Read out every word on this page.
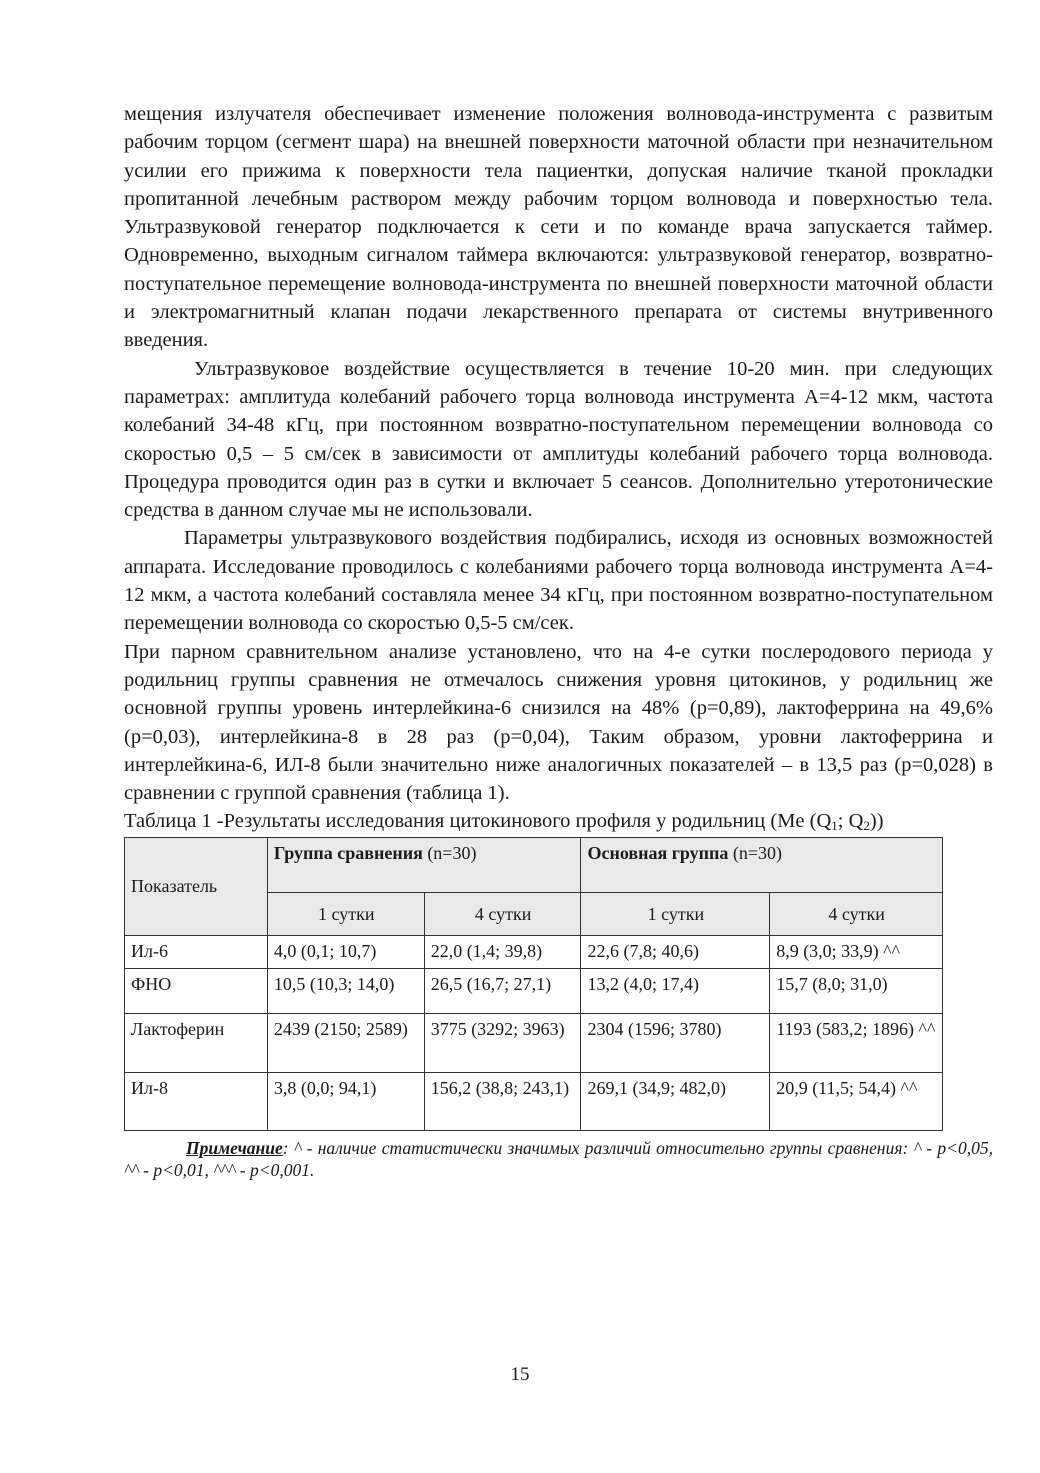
мещения излучателя обеспечивает изменение положения волновода-инструмента с развитым рабочим торцом (сегмент шара) на внешней поверхности маточной области при незначительном усилии его прижима к поверхности тела пациентки, допуская наличие тканой прокладки пропитанной лечебным раствором между рабочим торцом волновода и поверхностью тела. Ультразвуковой генератор подключается к сети и по команде врача запускается таймер. Одновременно, выходным сигналом таймера включаются: ультразвуковой генератор, возвратно-поступательное перемещение волновода-инструмента по внешней поверхности маточной области и электромагнитный клапан подачи лекарственного препарата от системы внутривенного введения.

Ультразвуковое воздействие осуществляется в течение 10-20 мин. при следующих параметрах: амплитуда колебаний рабочего торца волновода инструмента A=4-12 мкм, частота колебаний 34-48 кГц, при постоянном возвратно-поступательном перемещении волновода со скоростью 0,5 – 5 см/сек в зависимости от амплитуды колебаний рабочего торца волновода. Процедура проводится один раз в сутки и включает 5 сеансов. Дополнительно утеротонические средства в данном случае мы не использовали.

Параметры ультразвукового воздействия подбирались, исходя из основных возможностей аппарата. Исследование проводилось с колебаниями рабочего торца волновода инструмента A=4-12 мкм, а частота колебаний составляла менее 34 кГц, при постоянном возвратно-поступательном перемещении волновода со скоростью 0,5-5 см/сек.

При парном сравнительном анализе установлено, что на 4-е сутки послеродового периода у родильниц группы сравнения не отмечалось снижения уровня цитокинов, у родильниц же основной группы уровень интерлейкина-6 снизился на 48% (p=0,89), лактоферрина на 49,6% (p=0,03), интерлейкина-8 в 28 раз (p=0,04), Таким образом, уровни лактоферрина и интерлейкина-6, ИЛ-8 были значительно ниже аналогичных показателей – в 13,5 раз (p=0,028) в сравнении с группой сравнения (таблица 1).

Таблица 1 -Результаты исследования цитокинового профиля у родильниц (Me ($Q_1$; $Q_2$))

Показатель	Группа сравнения (n=30)		Основная группа (n=30)	
	1 сутки	4 сутки	1 сутки	4 сутки
Ил-6	4,0 (0,1; 10,7)	22,0 (1,4; 39,8)	22,6 (7,8; 40,6)	8,9 (3,0; 33,9) ^^
ФНО	10,5 (10,3; 14,0)	26,5 (16,7; 27,1)	13,2 (4,0; 17,4)	15,7 (8,0; 31,0)
Лактоферин	2439 (2150; 2589)	3775 (3292; 3963)	2304 (1596; 3780)	1193 (583,2; 1896) ^^
Ил-8	3,8 (0,0; 94,1)	156,2 (38,8; 243,1)	269,1 (34,9; 482,0)	20,9 (11,5; 54,4) ^^

Примечание: ^ - наличие статистически значимых различий относительно группы сравнения: ^ - p<0,05, ^^ - p<0,01, ^^^ - p<0,001.

15
